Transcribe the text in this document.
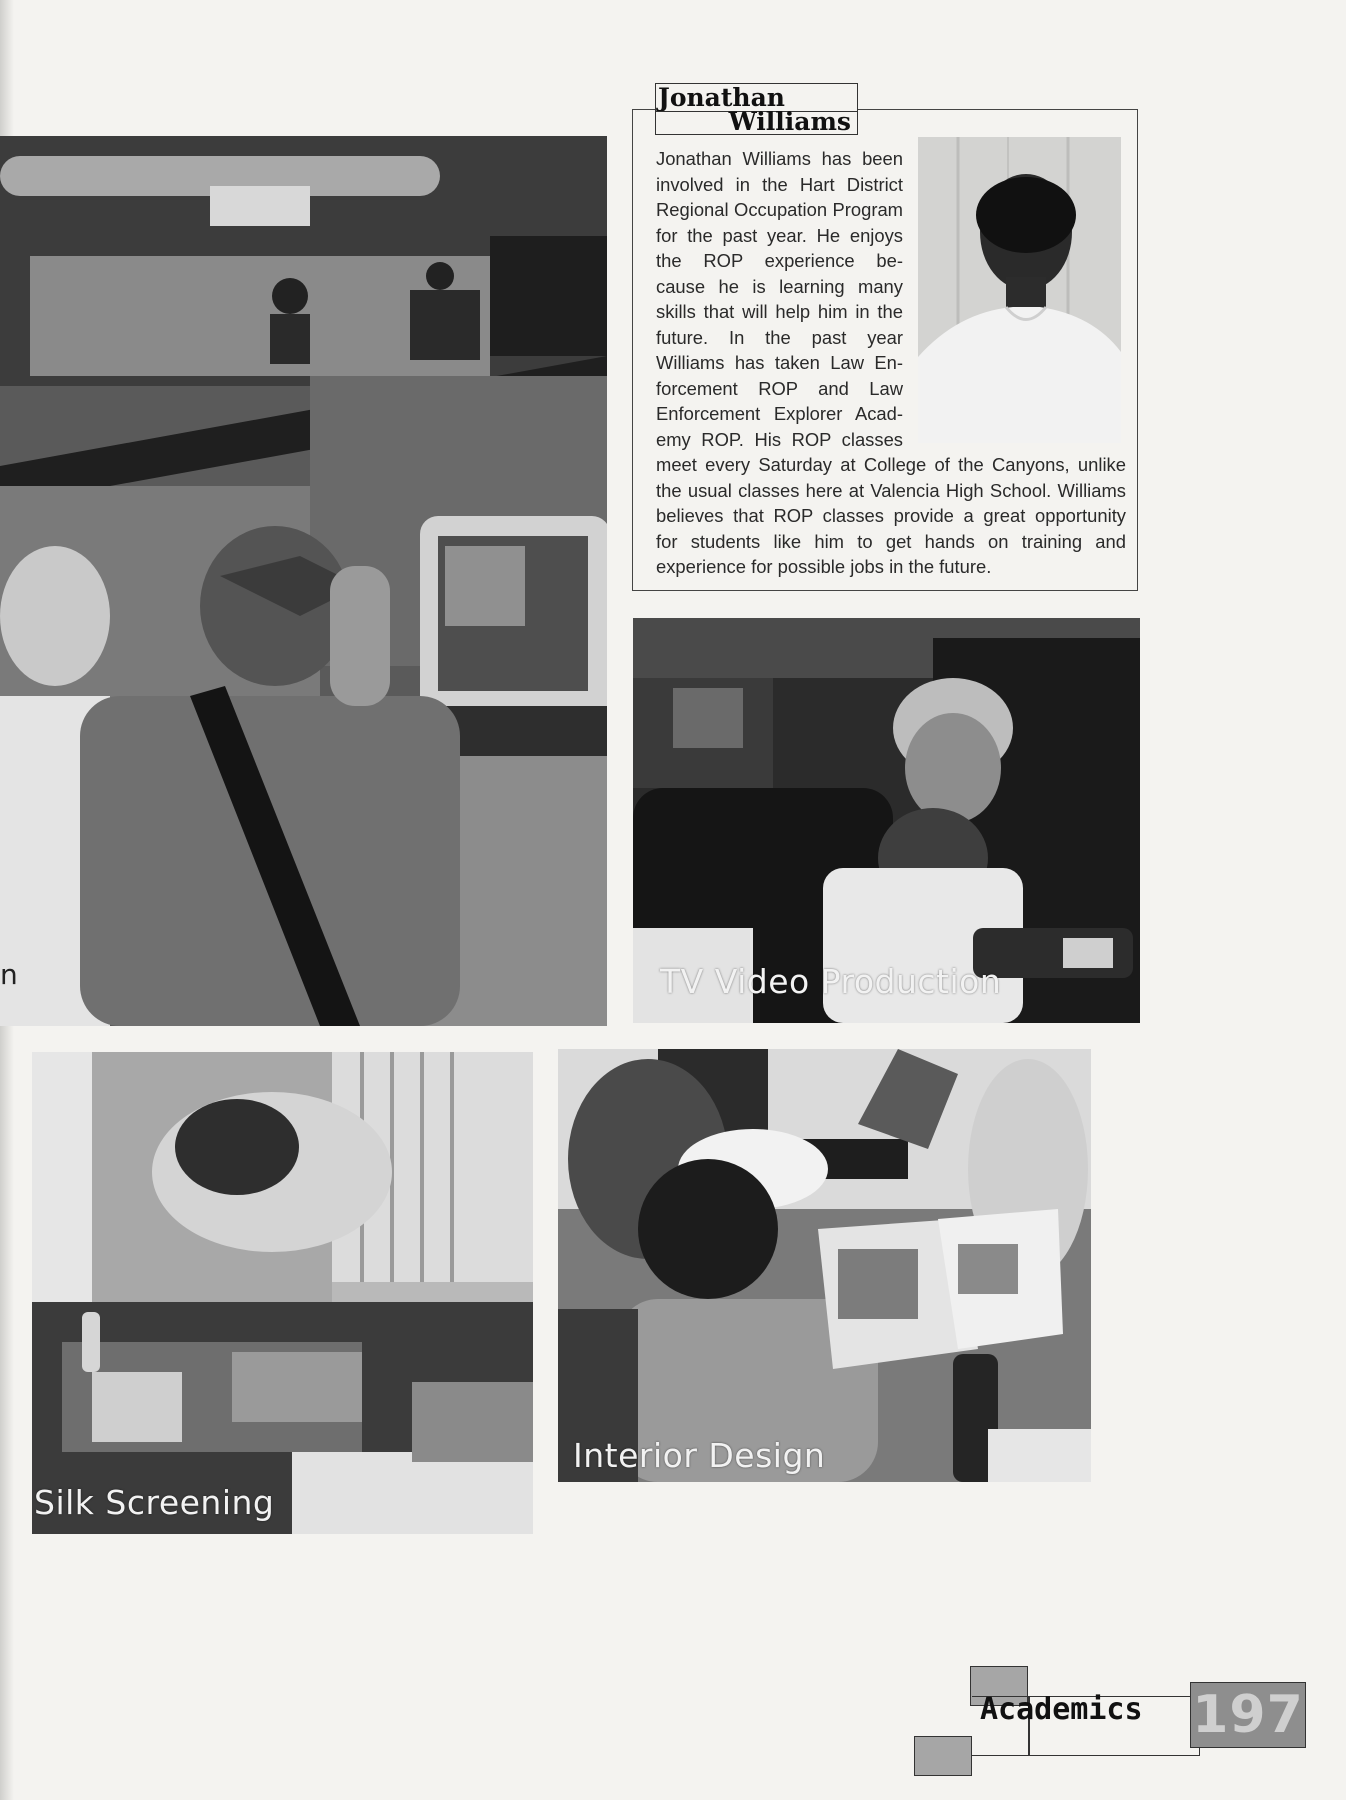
n	TV Video Production
Silk Screening
Interior Design
Jonathan
Williams
Jonathan Williams has been
involved in the Hart District
Regional Occupation Program
for the past year. He enjoys
the ROP experience be-
cause he is learning many
skills that will help him in the
future. In the past year
Williams has taken Law En-
forcement ROP and Law
Enforcement Explorer Acad-
emy ROP. His ROP classes
meet every Saturday at College of the Canyons, unlike
the usual classes here at Valencia High School. Williams
believes that ROP classes provide a great opportunity
for students like him to get hands on training and
experience for possible jobs in the future.
Academics 197
